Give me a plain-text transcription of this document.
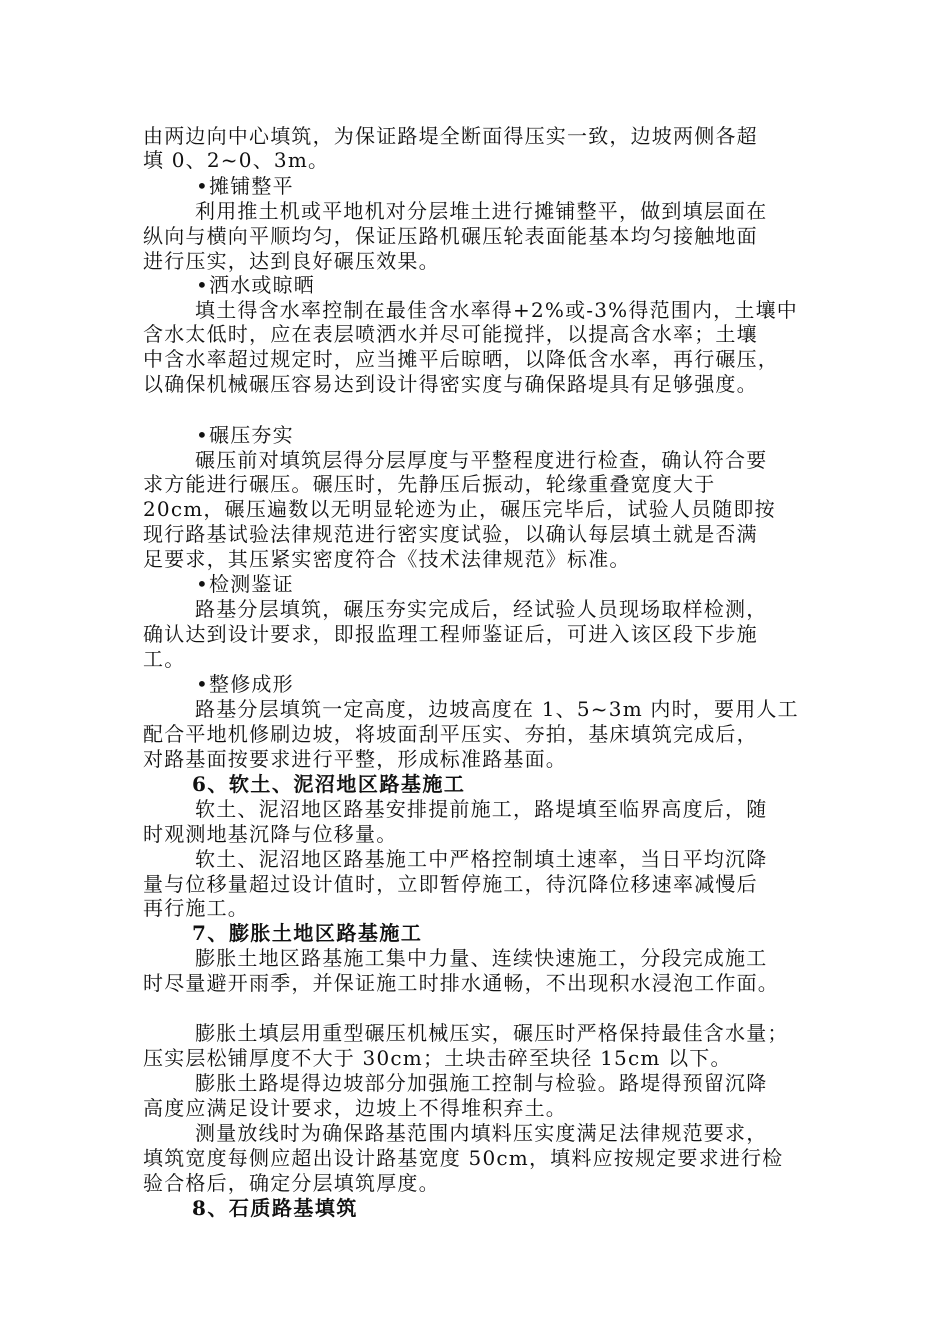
由两边向中心填筑，为保证路堤全断面得压实一致，边坡两侧各超
填 0、2~0、3m。
•摊铺整平
利用推土机或平地机对分层堆土进行摊铺整平，做到填层面在
纵向与横向平顺均匀，保证压路机碾压轮表面能基本均匀接触地面
进行压实，达到良好碾压效果。
•洒水或晾晒
填土得含水率控制在最佳含水率得+2%或-3%得范围内，土壤中
含水太低时，应在表层喷洒水并尽可能搅拌，以提高含水率；土壤
中含水率超过规定时，应当摊平后晾晒，以降低含水率，再行碾压，
以确保机械碾压容易达到设计得密实度与确保路堤具有足够强度。
•碾压夯实
碾压前对填筑层得分层厚度与平整程度进行检查，确认符合要
求方能进行碾压。碾压时，先静压后振动，轮缘重叠宽度大于
20cm，碾压遍数以无明显轮迹为止，碾压完毕后，试验人员随即按
现行路基试验法律规范进行密实度试验，以确认每层填土就是否满
足要求，其压紧实密度符合《技术法律规范》标准。
•检测鉴证
路基分层填筑，碾压夯实完成后，经试验人员现场取样检测，
确认达到设计要求，即报监理工程师鉴证后，可进入该区段下步施
工。
•整修成形
路基分层填筑一定高度，边坡高度在 1、5~3m 内时，要用人工
配合平地机修刷边坡，将坡面刮平压实、夯拍，基床填筑完成后，
对路基面按要求进行平整，形成标准路基面。
6、软土、泥沼地区路基施工
软土、泥沼地区路基安排提前施工，路堤填至临界高度后，随
时观测地基沉降与位移量。
软土、泥沼地区路基施工中严格控制填土速率，当日平均沉降
量与位移量超过设计值时，立即暂停施工，待沉降位移速率减慢后
再行施工。
7、膨胀土地区路基施工
膨胀土地区路基施工集中力量、连续快速施工，分段完成施工
时尽量避开雨季，并保证施工时排水通畅，不出现积水浸泡工作面。
膨胀土填层用重型碾压机械压实，碾压时严格保持最佳含水量；
压实层松铺厚度不大于 30cm；土块击碎至块径 15cm 以下。
膨胀土路堤得边坡部分加强施工控制与检验。路堤得预留沉降
高度应满足设计要求，边坡上不得堆积弃土。
测量放线时为确保路基范围内填料压实度满足法律规范要求，
填筑宽度每侧应超出设计路基宽度 50cm，填料应按规定要求进行检
验合格后，确定分层填筑厚度。
8、石质路基填筑
